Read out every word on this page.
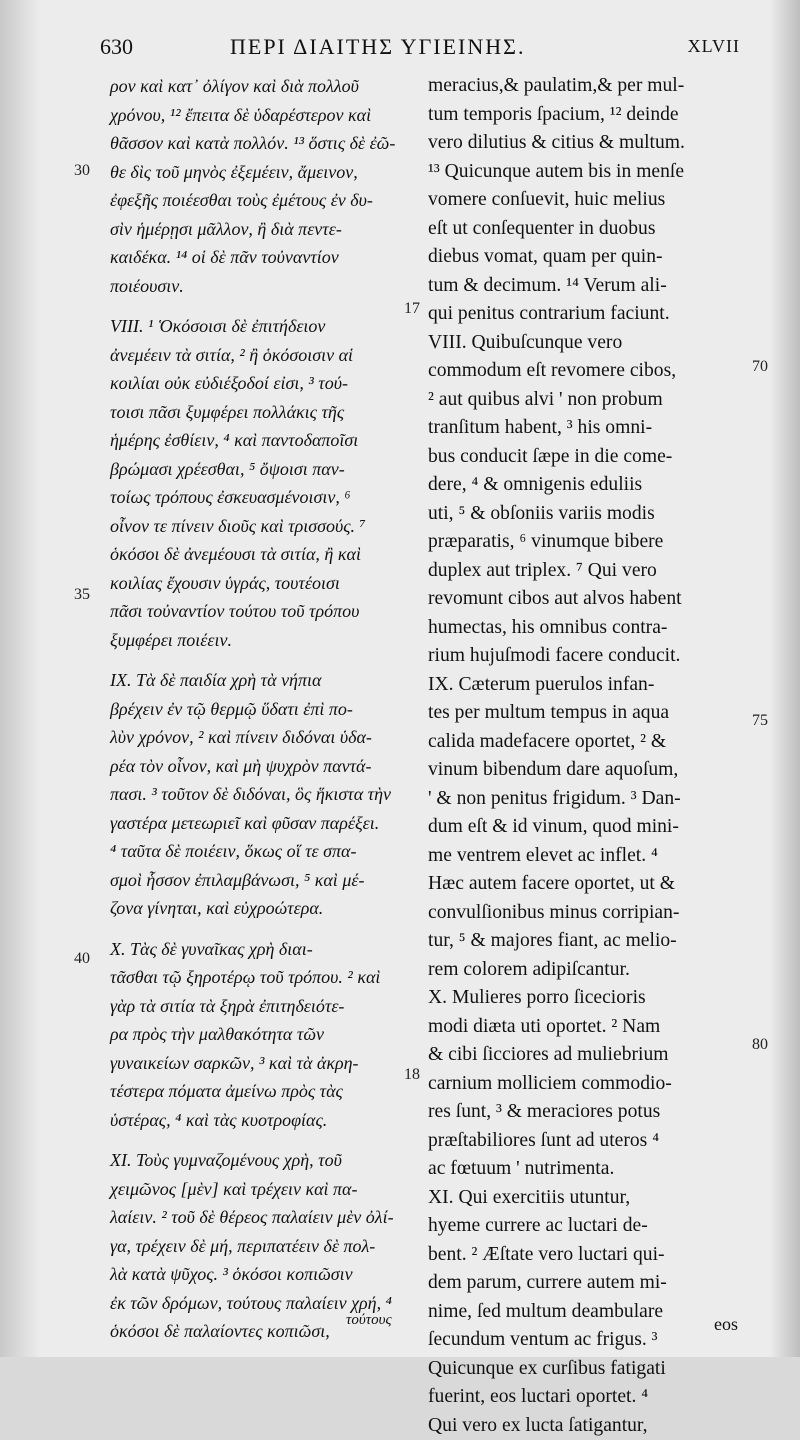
630	ΠΕΡΙ ΔΙΑΙΤΗΣ ΥΓΙΕΙΝΗΣ.	XLVII
ρον καὶ κατ᾽ ὀλίγον καὶ διὰ πολλοῦ
χρόνου, ¹² ἔπειτα δὲ ὑδαρέστερον καὶ
θᾶσσον καὶ κατὰ πολλόν. ¹³ ὅστις δὲ ἐῶ-
θε δὶς τοῦ μηνὸς ἐξεμέειν, ἄμεινον,
ἐφεξῆς ποιέεσθαι τοὺς ἐμέτους ἐν δυ-
σὶν ἡμέρῃσι μᾶλλον, ἢ διὰ πεντε-
καιδέκα. ¹⁴ οἱ δὲ πᾶν τοὐναντίον
ποιέουσιν.
VIII. ¹ Ὁκόσοισι δὲ ἐπιτήδειον
ἀνεμέειν τὰ σιτία, ² ἢ ὁκόσοισιν αἱ
κοιλίαι οὐκ εὐδιέξοδοί εἰσι, ³ τού-
τοισι πᾶσι ξυμφέρει πολλάκις τῆς
ἡμέρης ἐσθίειν, ⁴ καὶ παντοδαποῖσι
βρώμασι χρέεσθαι, ⁵ ὄψοισι παν-
τοίως τρόπους ἐσκευασμένοισιν, ⁶
οἶνον τε πίνειν διοῦς καὶ τρισσούς. ⁷
ὁκόσοι δὲ ἀνεμέουσι τὰ σιτία, ἢ καὶ
κοιλίας ἔχουσιν ὑγράς, τουτέοισι
πᾶσι τοὐναντίον τούτου τοῦ τρόπου
ξυμφέρει ποιέειν.
IX. Τὰ δὲ παιδία χρὴ τὰ νήπια
βρέχειν ἐν τῷ θερμῷ ὕδατι ἐπὶ πο-
λὺν χρόνον, ² καὶ πίνειν διδόναι ὑδα-
ρέα τὸν οἶνον, καὶ μὴ ψυχρὸν παντά-
πασι. ³ τοῦτον δὲ διδόναι, ὃς ἥκιστα τὴν
γαστέρα μετεωριεῖ καὶ φῦσαν παρέξει.
⁴ ταῦτα δὲ ποιέειν, ὅκως οἵ τε σπα-
σμοὶ ἧσσον ἐπιλαμβάνωσι, ⁵ καὶ μέ-
ζονα γίνηται, καὶ εὐχροώτερα.
X. Τὰς δὲ γυναῖκας χρὴ διαι-
τᾶσθαι τῷ ξηροτέρῳ τοῦ τρόπου. ² καὶ
γὰρ τὰ σιτία τὰ ξηρὰ ἐπιτηδειότε-
ρα πρὸς τὴν μαλθακότητα τῶν
γυναικείων σαρκῶν, ³ καὶ τὰ ἀκρη-
τέστερα πόματα ἀμείνω πρὸς τὰς
ὑστέρας, ⁴ καὶ τὰς κυοτροφίας.
XI. Τοὺς γυμναζομένους χρὴ, τοῦ
χειμῶνος [μὲν] καὶ τρέχειν καὶ πα-
λαίειν. ² τοῦ δὲ θέρεος παλαίειν μὲν ὀλί-
γα, τρέχειν δὲ μή, περιπατέειν δὲ πολ-
λὰ κατὰ ψῦχος. ³ ὁκόσοι κοπιῶσιν
ἐκ τῶν δρόμων, τούτους παλαίειν χρή, ⁴
ὁκόσοι δὲ παλαίοντες κοπιῶσι,
meracius,& paulatim,& per mul-
tum temporis ſpacium, ¹² deinde
vero dilutius & citius & multum.
¹³ Quicunque autem bis in menſe
vomere conſuevit, huic melius
eſt ut conſequenter in duobus
diebus vomat, quam per quin-
tum & decimum. ¹⁴ Verum ali-
qui penitus contrarium faciunt.
VIII. Quibuſcunque vero
commodum eſt revomere cibos,
² aut quibus alvi ' non probum
tranſitum habent, ³ his omni-
bus conducit ſæpe in die come-
dere, ⁴ & omnigenis eduliis
uti, ⁵ & obſoniis variis modis
præparatis, ⁶ vinumque bibere
duplex aut triplex. ⁷ Qui vero
revomunt cibos aut alvos habent
humectas, his omnibus contra-
rium hujuſmodi facere conducit.
IX. Cæterum puerulos infan-
tes per multum tempus in aqua
calida madefacere oportet, ² &
vinum bibendum dare aquoſum,
' & non penitus frigidum. ³ Dan-
dum eſt & id vinum, quod mini-
me ventrem elevet ac inflet. ⁴
Hæc autem facere oportet, ut &
convulſionibus minus corripian-
tur, ⁵ & majores fiant, ac melio-
rem colorem adipiſcantur.
X. Mulieres porro ſicecioris
modi diæta uti oportet. ² Nam
& cibi ſicciores ad muliebrium
carnium molliciem commodio-
res ſunt, ³ & meraciores potus
præſtabiliores ſunt ad uteros ⁴
ac fœtuum ' nutrimenta.
XI. Qui exercitiis utuntur,
hyeme currere ac luctari de-
bent. ² Æſtate vero luctari qui-
dem parum, currere autem mi-
nime, ſed multum deambulare
ſecundum ventum ac frigus. ³
Quicunque ex curſibus fatigati
fuerint, eos luctari oportet. ⁴
Qui vero ex lucta ſatigantur,
30
17
70
35
75
40
80
18
τούτους	eos
